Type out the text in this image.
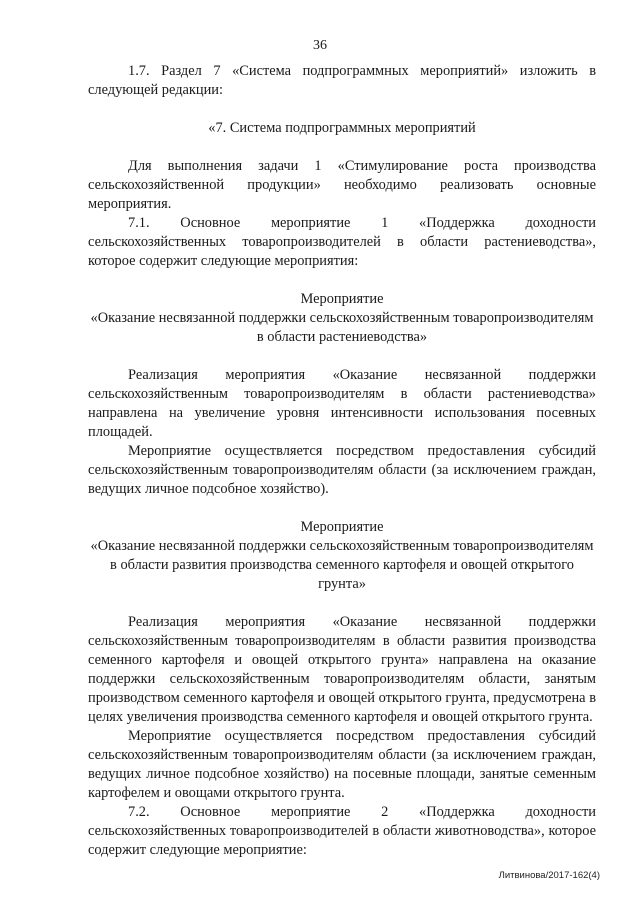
36

1.7. Раздел 7 «Система подпрограммных мероприятий» изложить в следующей редакции:

«7. Система подпрограммных мероприятий

Для выполнения задачи 1 «Стимулирование роста производства сельскохозяйственной продукции» необходимо реализовать основные мероприятия.

7.1. Основное мероприятие 1 «Поддержка доходности сельскохозяйственных товаропроизводителей в области растениеводства», которое содержит следующие мероприятия:

Мероприятие

«Оказание несвязанной поддержки сельскохозяйственным товаропроизводителям в области растениеводства»

Реализация мероприятия «Оказание несвязанной поддержки сельскохозяйственным товаропроизводителям в области растениеводства» направлена на увеличение уровня интенсивности использования посевных площадей.

Мероприятие осуществляется посредством предоставления субсидий сельскохозяйственным товаропроизводителям области (за исключением граждан, ведущих личное подсобное хозяйство).

Мероприятие

«Оказание несвязанной поддержки сельскохозяйственным товаропроизводителям в области развития производства семенного картофеля и овощей открытого грунта»

Реализация мероприятия «Оказание несвязанной поддержки сельскохозяйственным товаропроизводителям в области развития производства семенного картофеля и овощей открытого грунта» направлена на оказание поддержки сельскохозяйственным товаропроизводителям области, занятым производством семенного картофеля и овощей открытого грунта, предусмотрена в целях увеличения производства семенного картофеля и овощей открытого грунта.

Мероприятие осуществляется посредством предоставления субсидий сельскохозяйственным товаропроизводителям области (за исключением граждан, ведущих личное подсобное хозяйство) на посевные площади, занятые семенным картофелем и овощами открытого грунта.

7.2. Основное мероприятие 2 «Поддержка доходности сельскохозяйственных товаропроизводителей в области животноводства», которое содержит следующие мероприятие:

Литвинова/2017-162(4)
